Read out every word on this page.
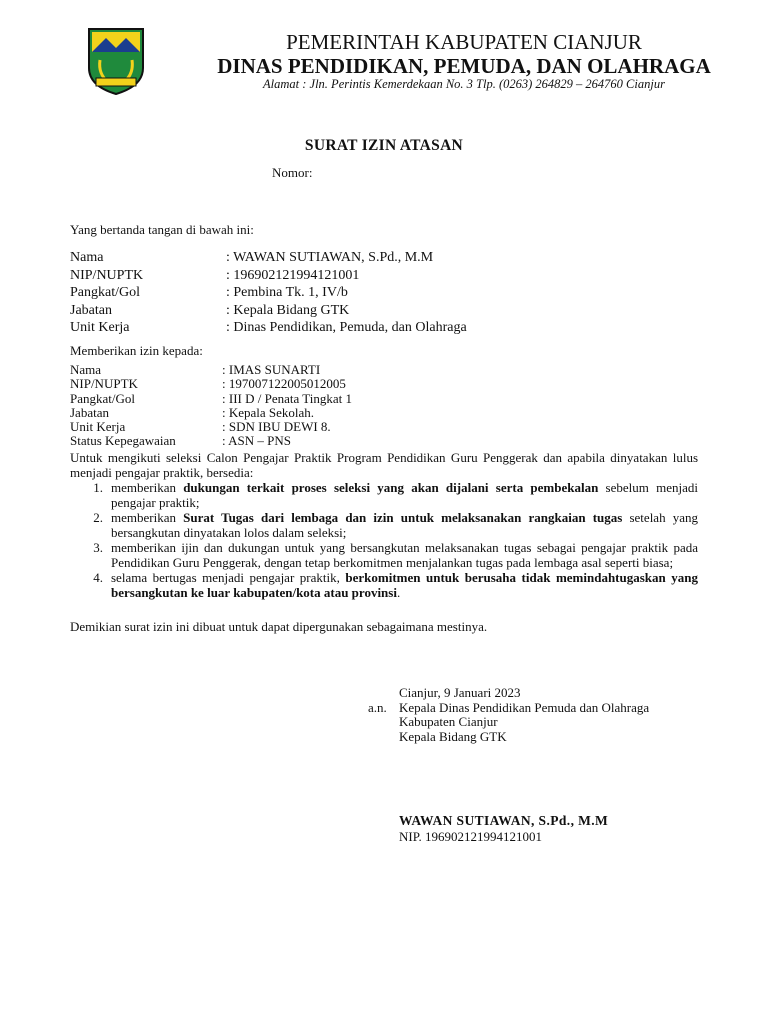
PEMERINTAH KABUPATEN CIANJUR
DINAS PENDIDIKAN, PEMUDA, DAN OLAHRAGA
Alamat : Jln. Perintis Kemerdekaan No. 3 Tlp. (0263) 264829 – 264760 Cianjur
SURAT IZIN ATASAN
Nomor:
Yang bertanda tangan di bawah ini:
Nama	: WAWAN SUTIAWAN, S.Pd., M.M
NIP/NUPTK	: 196902121994121001
Pangkat/Gol	: Pembina Tk. 1, IV/b
Jabatan	: Kepala Bidang GTK
Unit Kerja	: Dinas Pendidikan, Pemuda, dan Olahraga
Memberikan izin kepada:
Nama	: IMAS SUNARTI
NIP/NUPTK	: 197007122005012005
Pangkat/Gol	: III D / Penata Tingkat 1
Jabatan	: Kepala Sekolah.
Unit Kerja	: SDN IBU DEWI 8.
Status Kepegawaian	: ASN – PNS
Untuk mengikuti seleksi Calon Pengajar Praktik Program Pendidikan Guru Penggerak dan apabila dinyatakan lulus menjadi pengajar praktik, bersedia:
1. memberikan dukungan terkait proses seleksi yang akan dijalani serta pembekalan sebelum menjadi pengajar praktik;
2. memberikan Surat Tugas dari lembaga dan izin untuk melaksanakan rangkaian tugas setelah yang bersangkutan dinyatakan lolos dalam seleksi;
3. memberikan ijin dan dukungan untuk yang bersangkutan melaksanakan tugas sebagai pengajar praktik pada Pendidikan Guru Penggerak, dengan tetap berkomitmen menjalankan tugas pada lembaga asal seperti biasa;
4. selama bertugas menjadi pengajar praktik, berkomitmen untuk berusaha tidak memindahtugaskan yang bersangkutan ke luar kabupaten/kota atau provinsi.
Demikian surat izin ini dibuat untuk dapat dipergunakan sebagaimana mestinya.
Cianjur, 9 Januari 2023
a.n. Kepala Dinas Pendidikan Pemuda dan Olahraga
Kabupaten Cianjur
Kepala Bidang GTK
WAWAN SUTIAWAN, S.Pd., M.M
NIP. 196902121994121001
